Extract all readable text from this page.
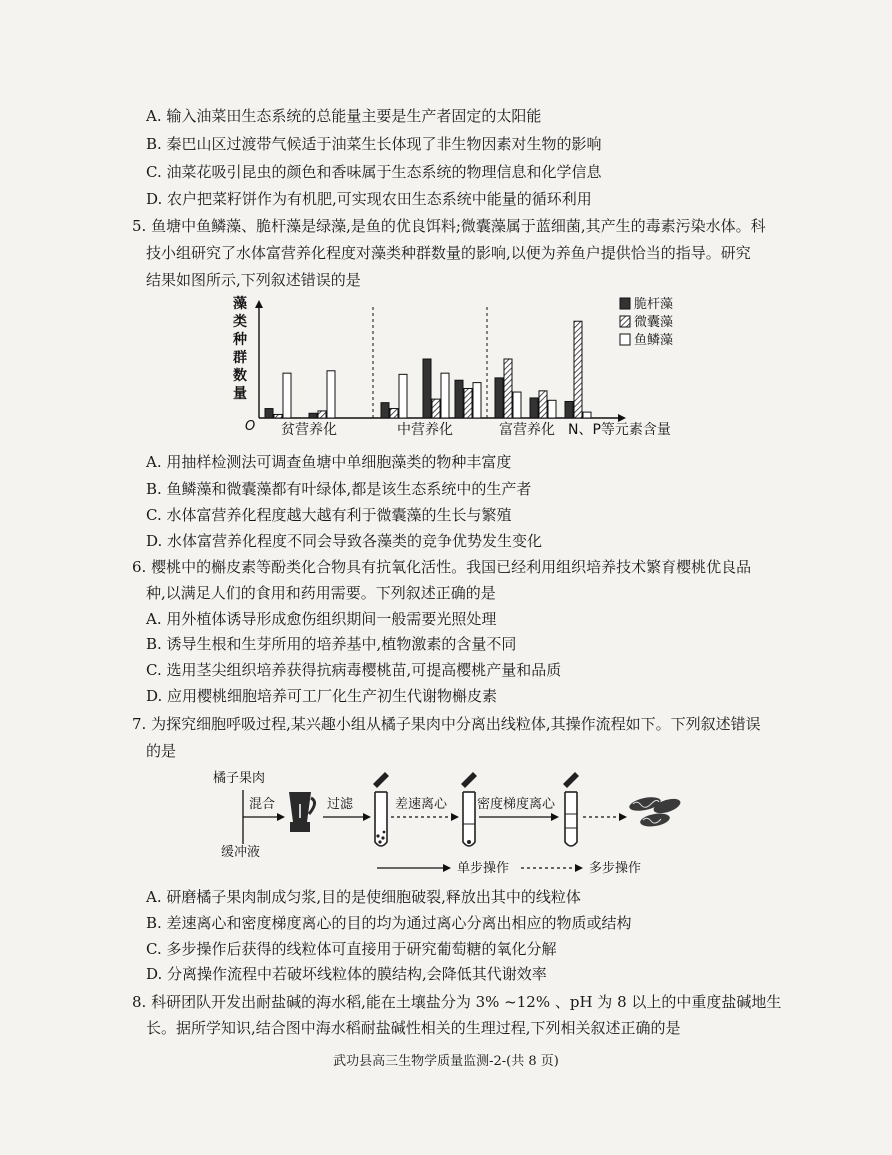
A. 输入油菜田生态系统的总能量主要是生产者固定的太阳能
B. 秦巴山区过渡带气候适于油菜生长体现了非生物因素对生物的影响
C. 油菜花吸引昆虫的颜色和香味属于生态系统的物理信息和化学信息
D. 农户把菜籽饼作为有机肥,可实现农田生态系统中能量的循环利用
5. 鱼塘中鱼鳞藻、脆杆藻是绿藻,是鱼的优良饵料;微囊藻属于蓝细菌,其产生的毒素污染水体。科
技小组研究了水体富营养化程度对藻类种群数量的影响,以便为养鱼户提供恰当的指导。研究
结果如图所示,下列叙述错误的是
O
藻
类
种
群
数
量
贫营养化	中营养化	富营养化 N、P等元素含量
脆杆藻
微囊藻
鱼鳞藻
A. 用抽样检测法可调查鱼塘中单细胞藻类的物种丰富度
B. 鱼鳞藻和微囊藻都有叶绿体,都是该生态系统中的生产者
C. 水体富营养化程度越大越有利于微囊藻的生长与繁殖
D. 水体富营养化程度不同会导致各藻类的竞争优势发生变化
6. 樱桃中的槲皮素等酚类化合物具有抗氧化活性。我国已经利用组织培养技术繁育樱桃优良品
种,以满足人们的食用和药用需要。下列叙述正确的是
A. 用外植体诱导形成愈伤组织期间一般需要光照处理
B. 诱导生根和生芽所用的培养基中,植物激素的含量不同
C. 选用茎尖组织培养获得抗病毒樱桃苗,可提高樱桃产量和品质
D. 应用樱桃细胞培养可工厂化生产初生代谢物槲皮素
7. 为探究细胞呼吸过程,某兴趣小组从橘子果肉中分离出线粒体,其操作流程如下。下列叙述错误
的是
橘子果肉
缓冲液
混合	过滤	差速离心 密度梯度离心
单步操作	多步操作
A. 研磨橘子果肉制成匀浆,目的是使细胞破裂,释放出其中的线粒体
B. 差速离心和密度梯度离心的目的均为通过离心分离出相应的物质或结构
C. 多步操作后获得的线粒体可直接用于研究葡萄糖的氧化分解
D. 分离操作流程中若破坏线粒体的膜结构,会降低其代谢效率
8. 科研团队开发出耐盐碱的海水稻,能在土壤盐分为 3% ~12% 、pH 为 8 以上的中重度盐碱地生
长。据所学知识,结合图中海水稻耐盐碱性相关的生理过程,下列相关叙述正确的是
武功县高三生物学质量监测-2-(共 8 页)
